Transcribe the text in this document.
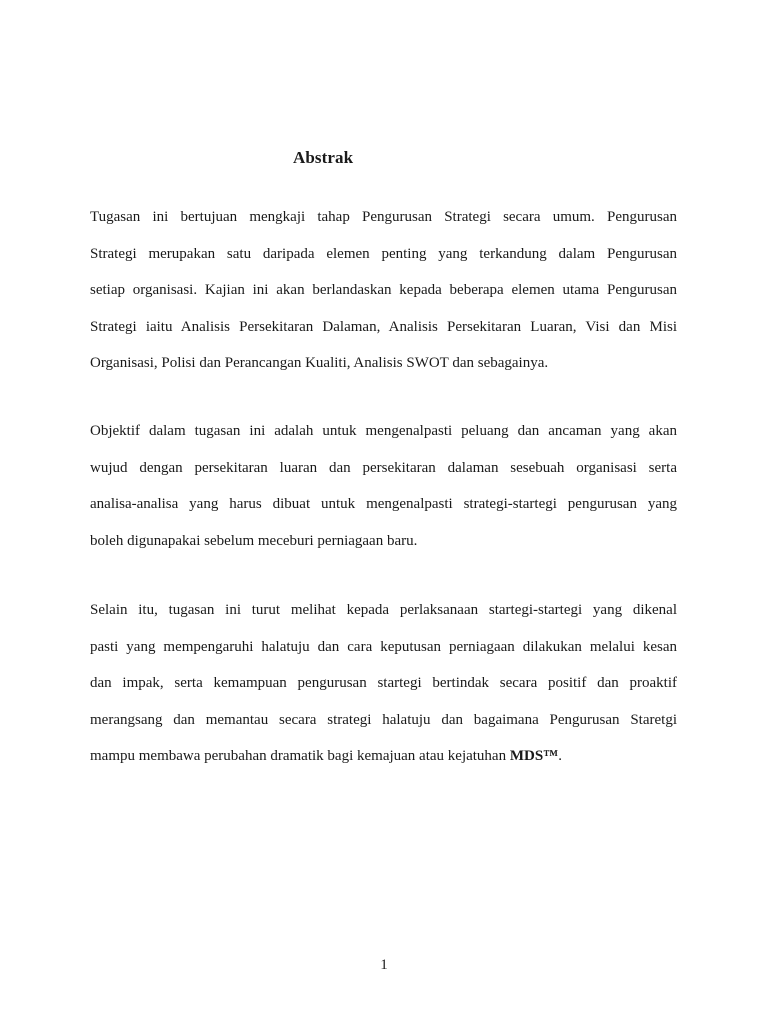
Abstrak
Tugasan ini bertujuan mengkaji tahap Pengurusan Strategi secara umum. Pengurusan
Strategi merupakan satu daripada elemen penting yang terkandung dalam Pengurusan
setiap organisasi. Kajian ini akan berlandaskan kepada beberapa elemen utama Pengurusan
Strategi iaitu Analisis Persekitaran Dalaman, Analisis Persekitaran Luaran, Visi dan Misi
Organisasi, Polisi dan Perancangan Kualiti, Analisis SWOT dan sebagainya.
Objektif dalam tugasan ini adalah untuk mengenalpasti peluang dan ancaman yang akan
wujud dengan persekitaran luaran dan persekitaran dalaman sesebuah organisasi serta
analisa-analisa yang harus dibuat untuk mengenalpasti strategi-startegi pengurusan yang
boleh digunapakai sebelum meceburi perniagaan baru.
Selain itu, tugasan ini turut melihat kepada perlaksanaan startegi-startegi yang dikenal
pasti yang mempengaruhi halatuju dan cara keputusan perniagaan dilakukan melalui kesan
dan impak, serta kemampuan pengurusan startegi bertindak secara positif dan proaktif
merangsang dan memantau secara strategi halatuju dan bagaimana Pengurusan Staretgi
mampu membawa perubahan dramatik bagi kemajuan atau kejatuhan MDS™.
1
